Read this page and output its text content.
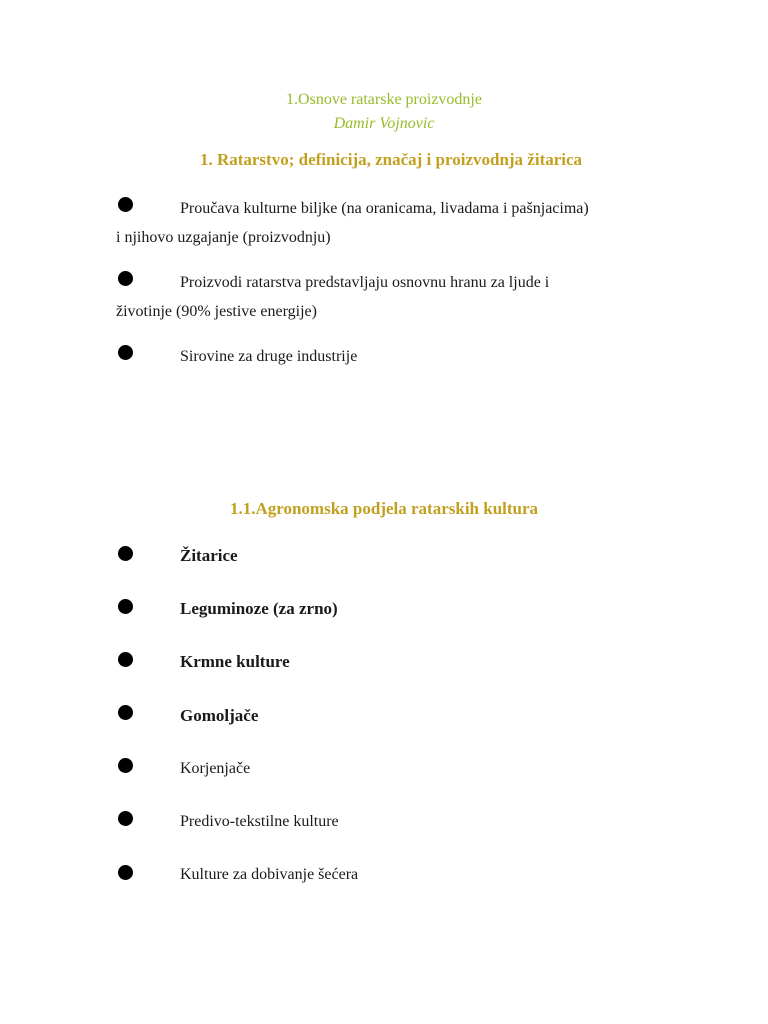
1.Osnove ratarske proizvodnje
Damir Vojnovic
1. Ratarstvo; definicija, značaj i proizvodnja žitarica
Proučava kulturne biljke (na oranicama, livadama i pašnjacima)
i njihovo uzgajanje (proizvodnju)
Proizvodi ratarstva predstavljaju osnovnu hranu za ljude i
životinje (90% jestive energije)
Sirovine za druge industrije
1.1.Agronomska podjela ratarskih kultura
Žitarice
Leguminoze (za zrno)
Krmne kulture
Gomoljače
Korjenjače
Predivo-tekstilne kulture
Kulture za dobivanje šećera
